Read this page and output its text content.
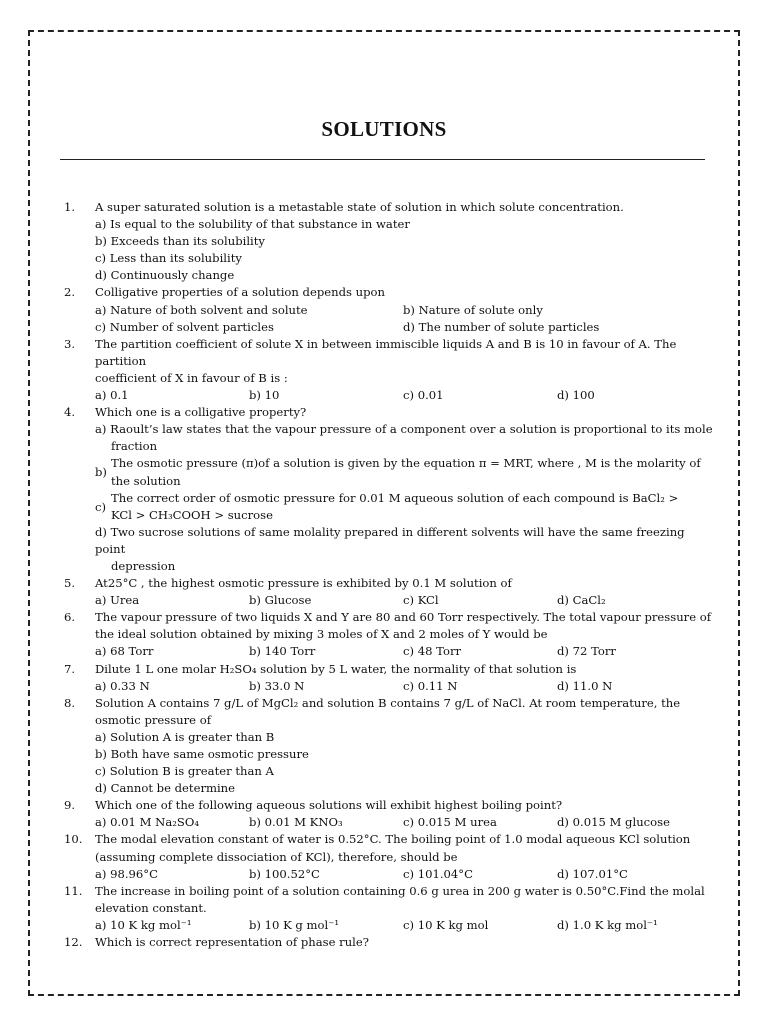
SOLUTIONS
1.	A super saturated solution is a metastable state of solution in which solute concentration.
a) Is equal to the solubility of that substance in water
b) Exceeds than its solubility
c) Less than its solubility
d) Continuously change
2.	Colligative properties of a solution depends upon
a) Nature of both solvent and solute	b) Nature of solute only
c) Number of solvent particles	d) The number of solute particles
3.	The partition coefficient of solute X in between immiscible liquids A and B is 10 in favour of A. The partition
coefficient of X in favour of B is :
a) 0.1	b) 10	c) 0.01	d) 100
4.	Which one is a colligative property?
a) Raoult’s law states that the vapour pressure of a component over a solution is proportional to its mole
fraction
b)
The osmotic pressure (π)of a solution is given by the equation π = MRT, where , M is the molarity of
the solution
c)
The correct order of osmotic pressure for 0.01 M aqueous solution of each compound is BaCl₂ >
KCl > CH₃COOH > sucrose
d) Two sucrose solutions of same molality prepared in different solvents will have the same freezing point
depression
5.	At25°C , the highest osmotic pressure is exhibited by 0.1 M solution of
a) Urea	b) Glucose	c) KCl	d) CaCl₂
6.	The vapour pressure of two liquids X and Y are 80 and 60 Torr respectively. The total vapour pressure of
the ideal solution obtained by mixing 3 moles of X and 2 moles of Y would be
a) 68 Torr	b) 140 Torr	c) 48 Torr	d) 72 Torr
7.	Dilute 1 L one molar H₂SO₄ solution by 5 L water, the normality of that solution is
a) 0.33 N	b) 33.0 N	c) 0.11 N	d) 11.0 N
8.	Solution A contains 7 g/L of MgCl₂ and solution B contains 7 g/L of NaCl. At room temperature, the
osmotic pressure of
a) Solution A is greater than B
b) Both have same osmotic pressure
c) Solution B is greater than A
d) Cannot be determine
9.	Which one of the following aqueous solutions will exhibit highest boiling point?
a) 0.01 M Na₂SO₄	b) 0.01 M KNO₃	c) 0.015 M urea	d) 0.015 M glucose
10.	The modal elevation constant of water is 0.52°C. The boiling point of 1.0 modal aqueous KCl solution
(assuming complete dissociation of KCl), therefore, should be
a) 98.96°C	b) 100.52°C	c) 101.04°C	d) 107.01°C
11.	The increase in boiling point of a solution containing 0.6 g urea in 200 g water is 0.50°C.Find the molal
elevation constant.
a) 10 K kg mol⁻¹	b) 10 K g mol⁻¹	c) 10 K kg mol	d) 1.0 K kg mol⁻¹
12.	Which is correct representation of phase rule?
